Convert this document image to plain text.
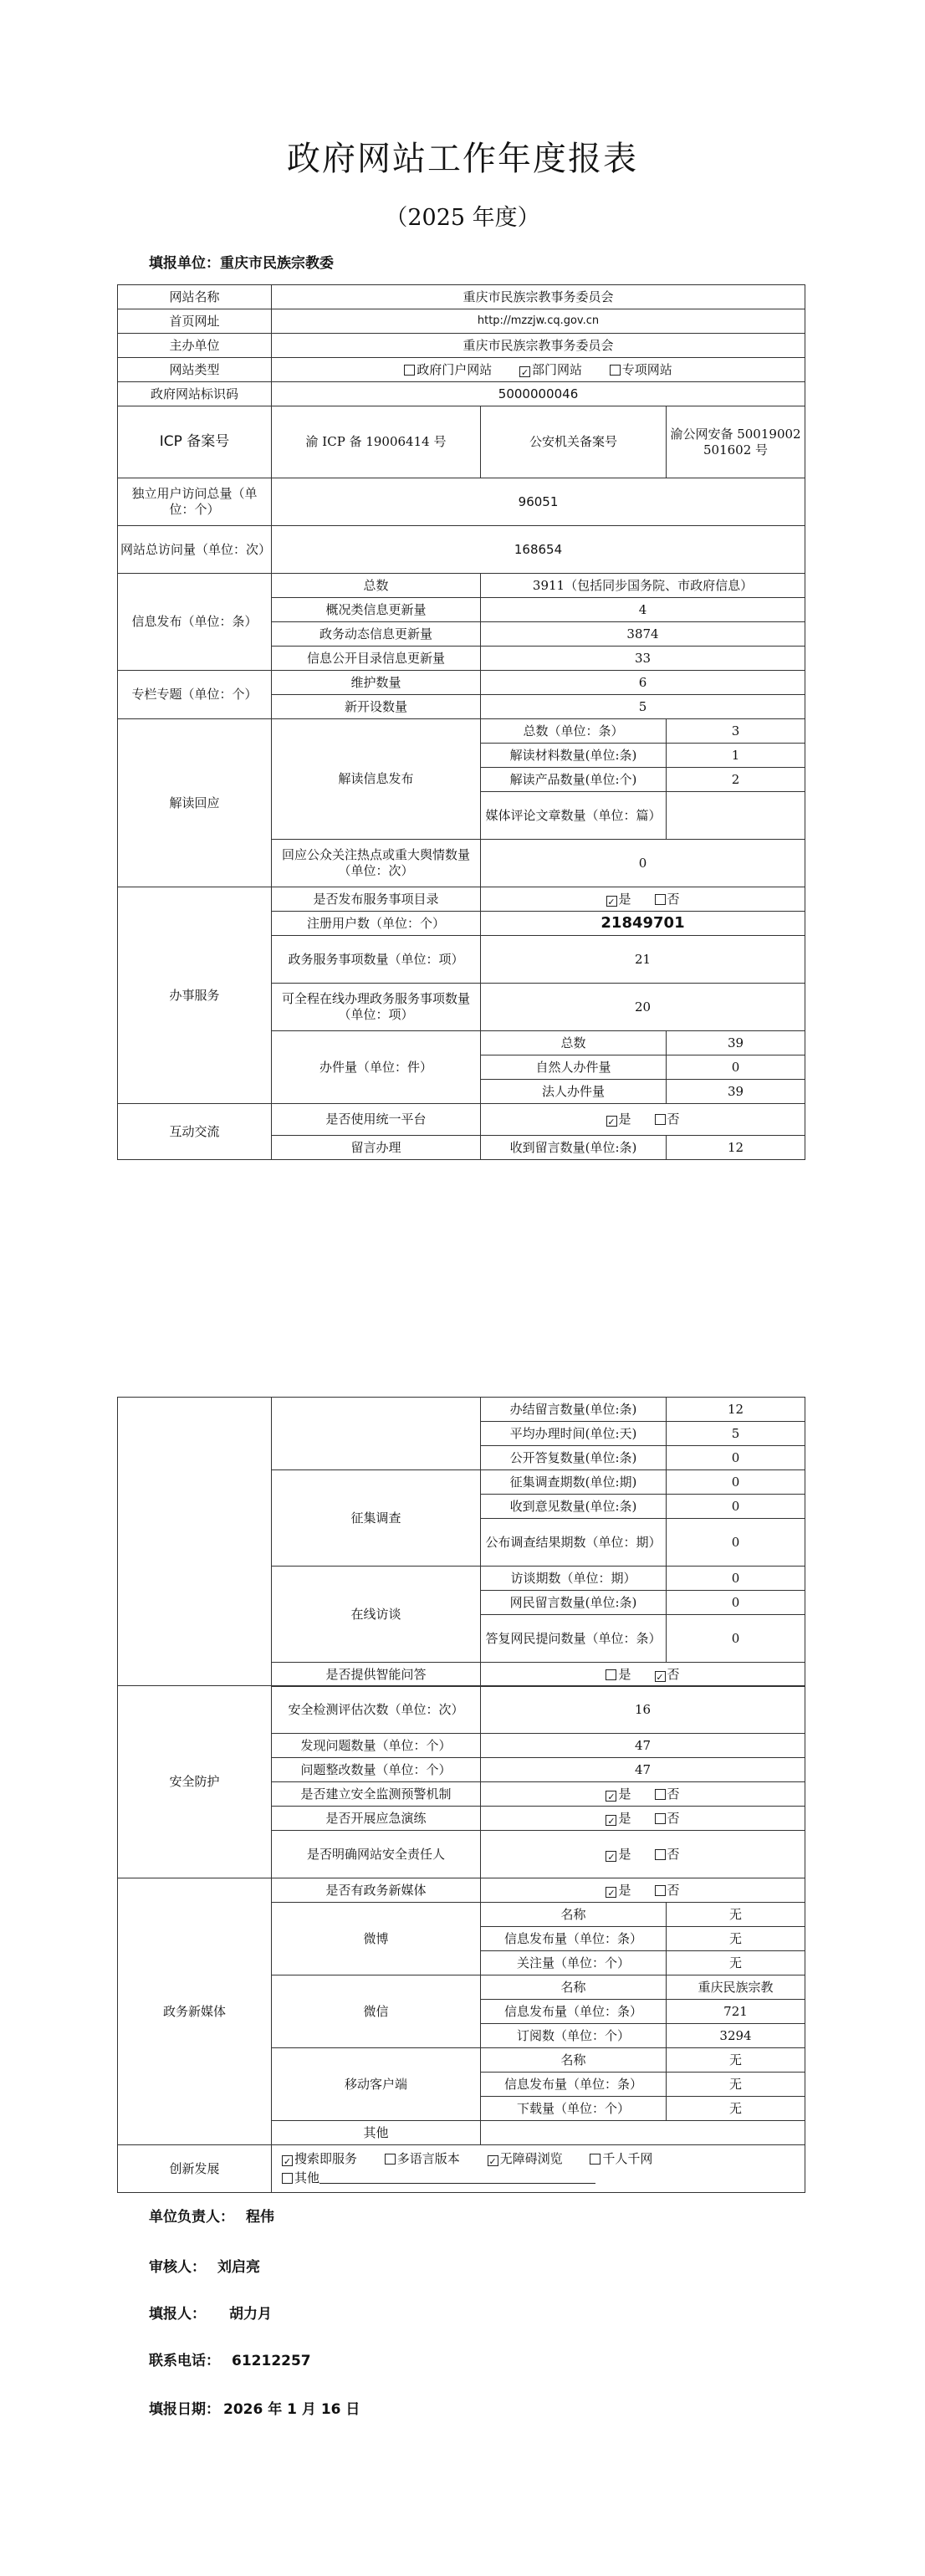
政府网站工作年度报表
（2025 年度）
填报单位：重庆市民族宗教委
网站名称	重庆市民族宗教事务委员会		
首页网址	http://mzzjw.cq.gov.cn		
主办单位	重庆市民族宗教事务委员会		
网站类型	政府门户网站 ✓ 部门网站 专项网站		
政府网站标识码	5000000046		
ICP 备案号	渝 ICP 备 19006414 号	公安机关备案号	渝公网安备 50019002501602 号
独立用户访问总量（单位：个）	96051		
网站总访问量（单位：次）	168654		
信息发布（单位：条）	总数	3911（包括同步国务院、市政府信息）	
	概况类信息更新量	4	
	政务动态信息更新量	3874	
	信息公开目录信息更新量	33	
专栏专题（单位：个）	维护数量	6	
	新开设数量	5	
解读回应	解读信息发布	总数（单位：条）	3
		解读材料数量(单位:条)	1
		解读产品数量(单位:个)	2
		媒体评论文章数量（单位：篇）	
	回应公众关注热点或重大舆情数量（单位：次）	0	
办事服务	是否发布服务事项目录	✓ 是 否	
	注册用户数（单位：个）	21849701	
	政务服务事项数量（单位：项）	21	
	可全程在线办理政务服务事项数量（单位：项）	20	
	办件量（单位：件）	总数	39
		自然人办件量	0
		法人办件量	39
互动交流	是否使用统一平台	✓ 是 否	
	留言办理	收到留言数量(单位:条)	12
		办结留言数量(单位:条)	12
		平均办理时间(单位:天)	5
		公开答复数量(单位:条)	0
	征集调查	征集调查期数(单位:期)	0
		收到意见数量(单位:条)	0
		公布调查结果期数（单位：期）	0
	在线访谈	访谈期数（单位：期）	0
		网民留言数量(单位:条)	0
		答复网民提问数量（单位：条）	0
	是否提供智能问答	是 ✓ 否	
安全防护	安全检测评估次数（单位：次）	16	
	发现问题数量（单位：个）	47	
	问题整改数量（单位：个）	47	
	是否建立安全监测预警机制	✓ 是 否	
	是否开展应急演练	✓ 是 否	
	是否明确网站安全责任人	✓ 是 否	
政务新媒体	是否有政务新媒体	✓ 是 否	
	微博	名称	无
		信息发布量（单位：条）	无
		关注量（单位：个）	无
	微信	名称	重庆民族宗教
		信息发布量（单位：条）	721
		订阅数（单位：个）	3294
	移动客户端	名称	无
		信息发布量（单位：条）	无
		下载量（单位：个）	无
	其他		
创新发展	✓ 搜索即服务 多语言版本 ✓ 无障碍浏览 千人千网
其他		
单位负责人： 程伟
审核人： 刘启亮
填报人： 胡力月
联系电话： 61212257
填报日期： 2026 年 1 月 16 日
